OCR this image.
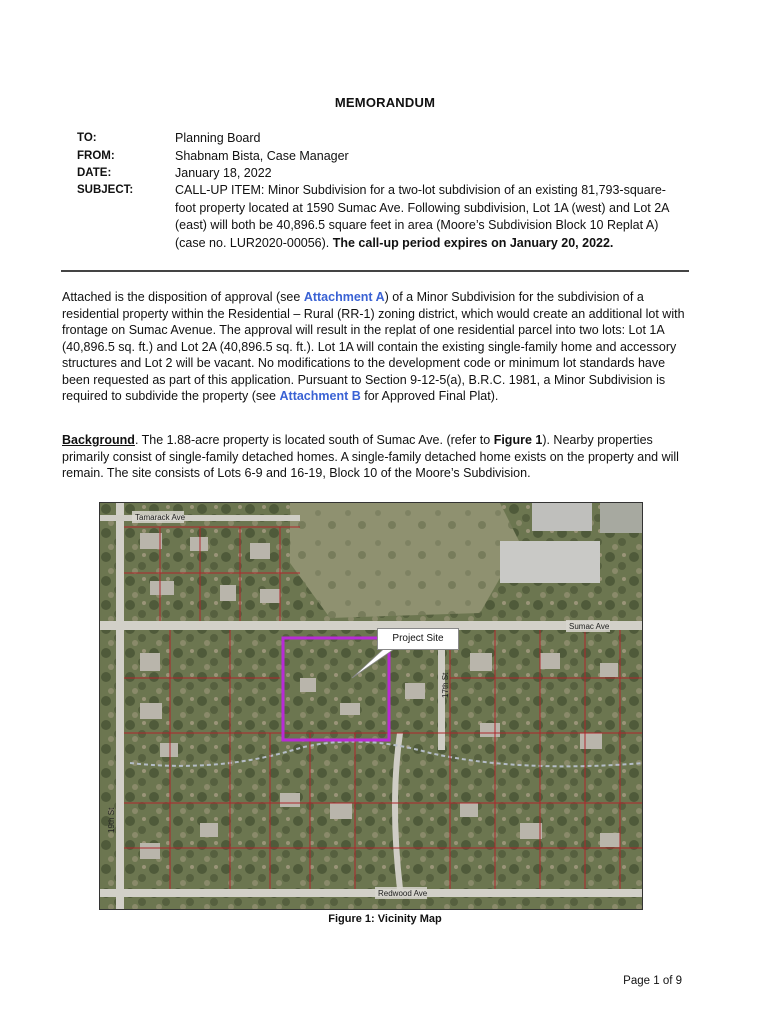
MEMORANDUM
TO:	Planning Board
FROM:	Shabnam Bista, Case Manager
DATE:	January 18, 2022
SUBJECT:	CALL-UP ITEM: Minor Subdivision for a two-lot subdivision of an existing 81,793-square-foot property located at 1590 Sumac Ave. Following subdivision, Lot 1A (west) and Lot 2A (east) will both be 40,896.5 square feet in area (Moore’s Subdivision Block 10 Replat A) (case no. LUR2020-00056). The call-up period expires on January 20, 2022.
Attached is the disposition of approval (see Attachment A) of a Minor Subdivision for the subdivision of a residential property within the Residential – Rural (RR-1) zoning district, which would create an additional lot with frontage on Sumac Avenue. The approval will result in the replat of one residential parcel into two lots: Lot 1A (40,896.5 sq. ft.) and Lot 2A (40,896.5 sq. ft.). Lot 1A will contain the existing single-family home and accessory structures and Lot 2 will be vacant. No modifications to the development code or minimum lot standards have been requested as part of this application. Pursuant to Section 9-12-5(a), B.R.C. 1981, a Minor Subdivision is required to subdivide the property (see Attachment B for Approved Final Plat).
Background. The 1.88-acre property is located south of Sumac Ave. (refer to Figure 1). Nearby properties primarily consist of single-family detached homes. A single-family detached home exists on the property and will remain. The site consists of Lots 6-9 and 16-19, Block 10 of the Moore’s Subdivision.
Tamarack Ave
Sumac Ave
Redwood Ave
19th St
17th St
Project Site
Figure 1: Vicinity Map
Page 1 of 9
